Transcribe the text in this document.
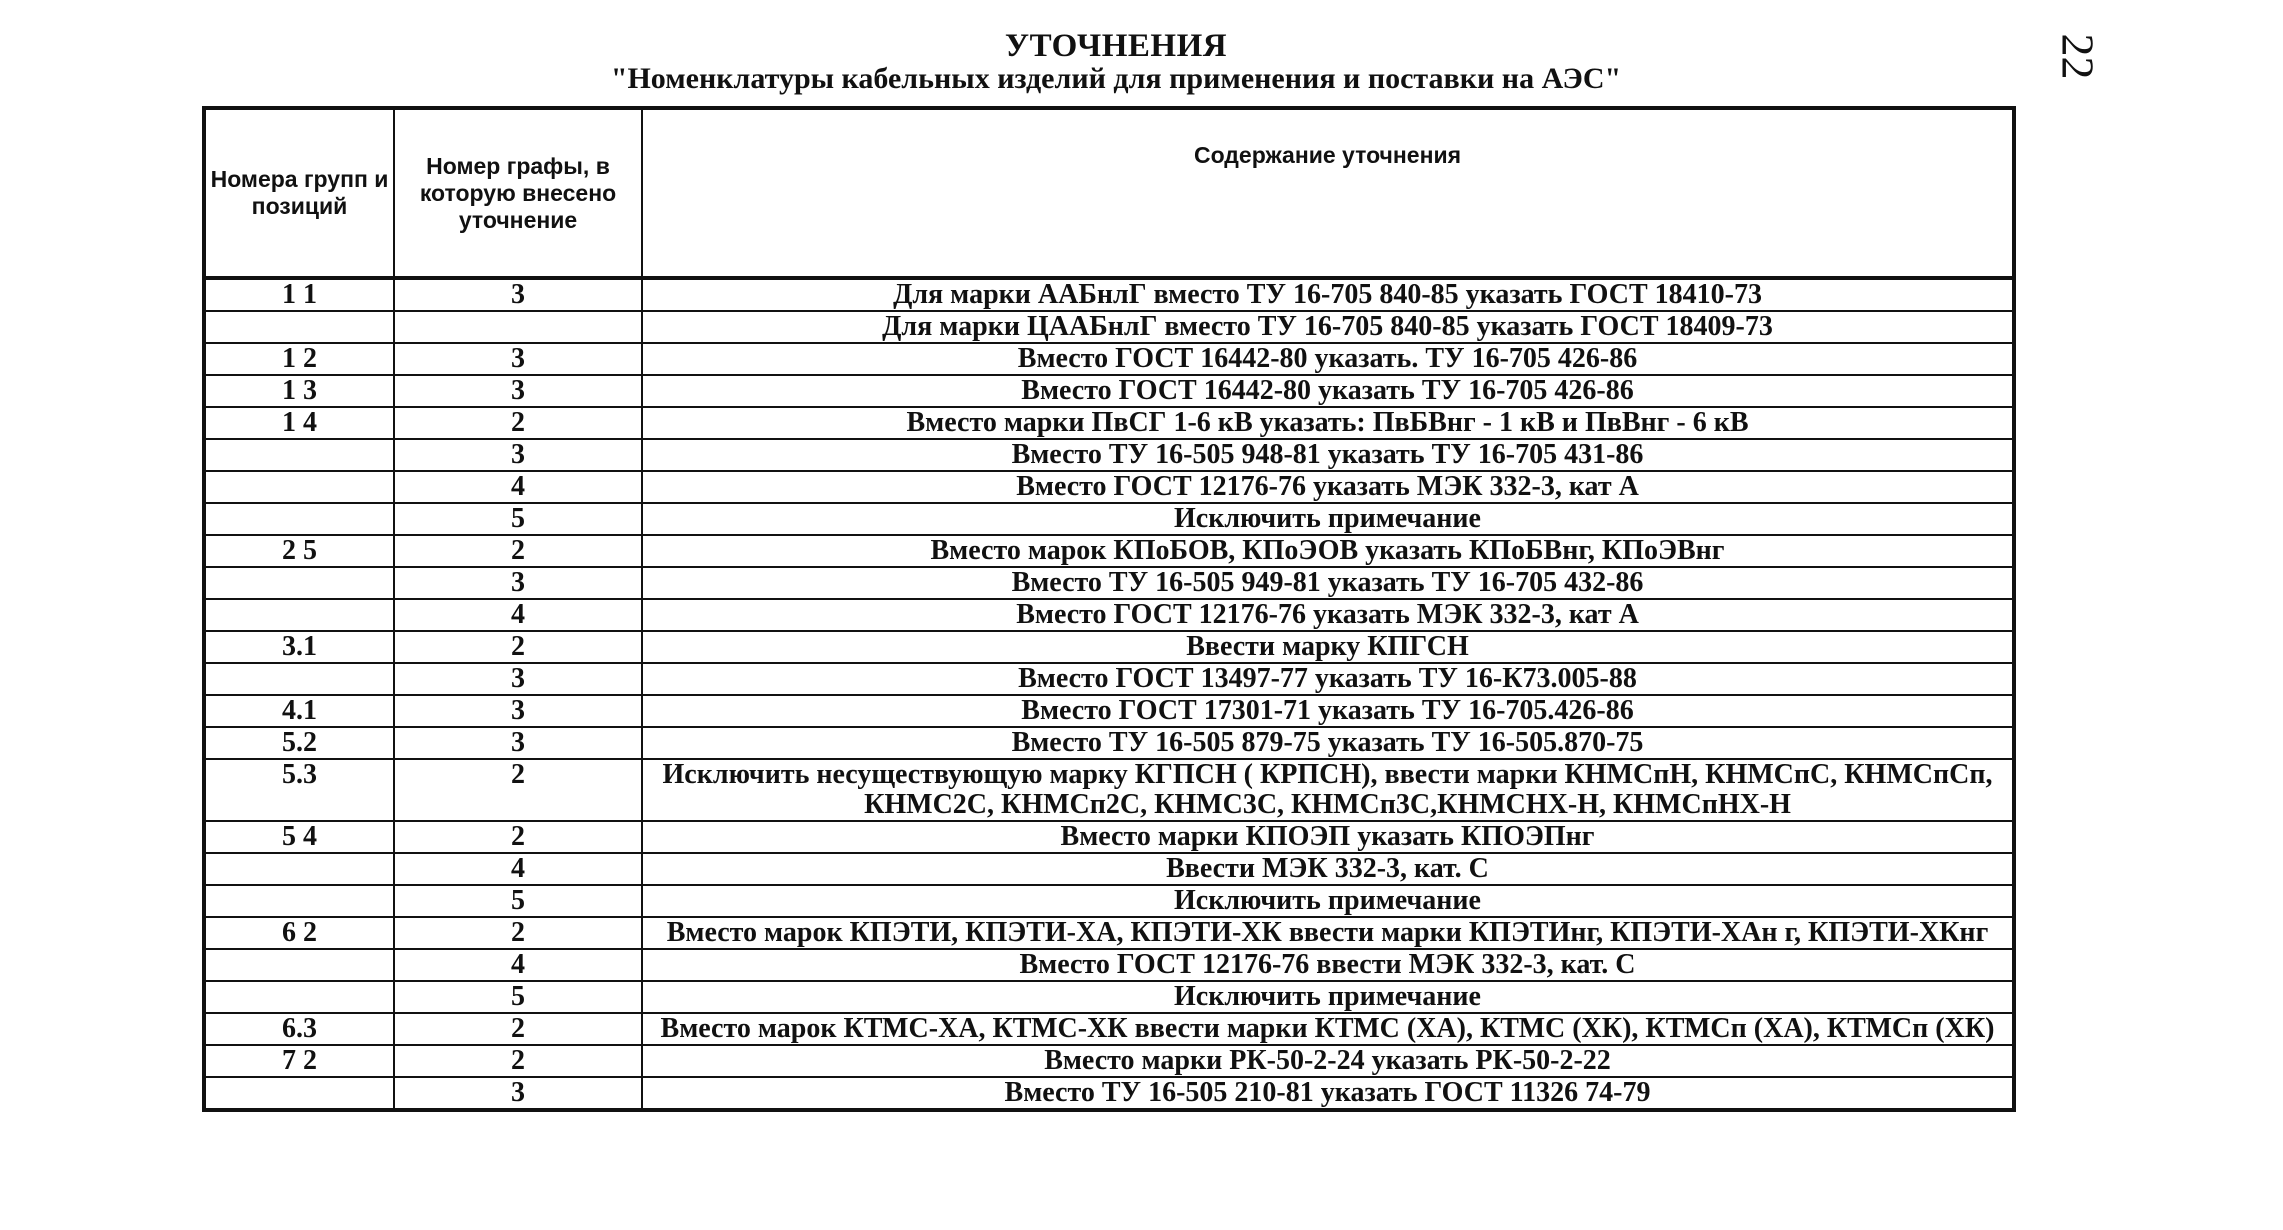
УТОЧНЕНИЯ
"Номенклатуры кабельных изделий для применения и поставки на АЭС"	22
Номера групп и позиций	Номер графы, в которую внесено уточнение	Содержание уточнения
1 1	3	Для марки ААБнлГ вместо ТУ 16-705 840-85 указать ГОСТ 18410-73
		Для марки ЦААБнлГ вместо ТУ 16-705 840-85 указать ГОСТ 18409-73
1 2	3	Вместо ГОСТ 16442-80 указать. ТУ 16-705 426-86
1 3	3	Вместо ГОСТ 16442-80 указать ТУ 16-705 426-86
1 4	2	Вместо марки ПвСГ 1-6 кВ указать: ПвБВнг - 1 кВ и ПвВнг - 6 кВ
	3	Вместо ТУ 16-505 948-81 указать ТУ 16-705 431-86
	4	Вместо ГОСТ 12176-76 указать МЭК 332-3, кат А
	5	Исключить примечание
2 5	2	Вместо марок КПоБОВ, КПоЭОВ указать КПоБВнг, КПоЭВнг
	3	Вместо ТУ 16-505 949-81 указать ТУ 16-705 432-86
	4	Вместо ГОСТ 12176-76 указать МЭК 332-3, кат А
3.1	2	Ввести марку КПГСН
	3	Вместо ГОСТ 13497-77 указать ТУ 16-К73.005-88
4.1	3	Вместо ГОСТ 17301-71 указать ТУ 16-705.426-86
5.2	3	Вместо ТУ 16-505 879-75 указать ТУ 16-505.870-75
5.3	2	Исключить несуществующую марку КГПСН ( КРПСН), ввести марки КНМСпН, КНМСпС, КНМСпСп, КНМС2С, КНМСп2С, КНМС3С, КНМСп3С,КНМСНХ-Н, КНМСпНХ-Н
5 4	2	Вместо марки КПОЭП указать КПОЭПнг
	4	Ввести МЭК 332-3, кат. С
	5	Исключить примечание
6 2	2	Вместо марок КПЭТИ, КПЭТИ-ХА, КПЭТИ-ХК ввести марки КПЭТИнг, КПЭТИ-ХАн г, КПЭТИ-ХКнг
	4	Вместо ГОСТ 12176-76 ввести МЭК 332-3, кат. С
	5	Исключить примечание
6.3	2	Вместо марок КТМС-ХА, КТМС-ХК ввести марки КТМС (ХА), КТМС (ХК), КТМСп (ХА), КТМСп (ХК)
7 2	2	Вместо марки РК-50-2-24 указать РК-50-2-22
	3	Вместо ТУ 16-505 210-81 указать ГОСТ 11326 74-79
